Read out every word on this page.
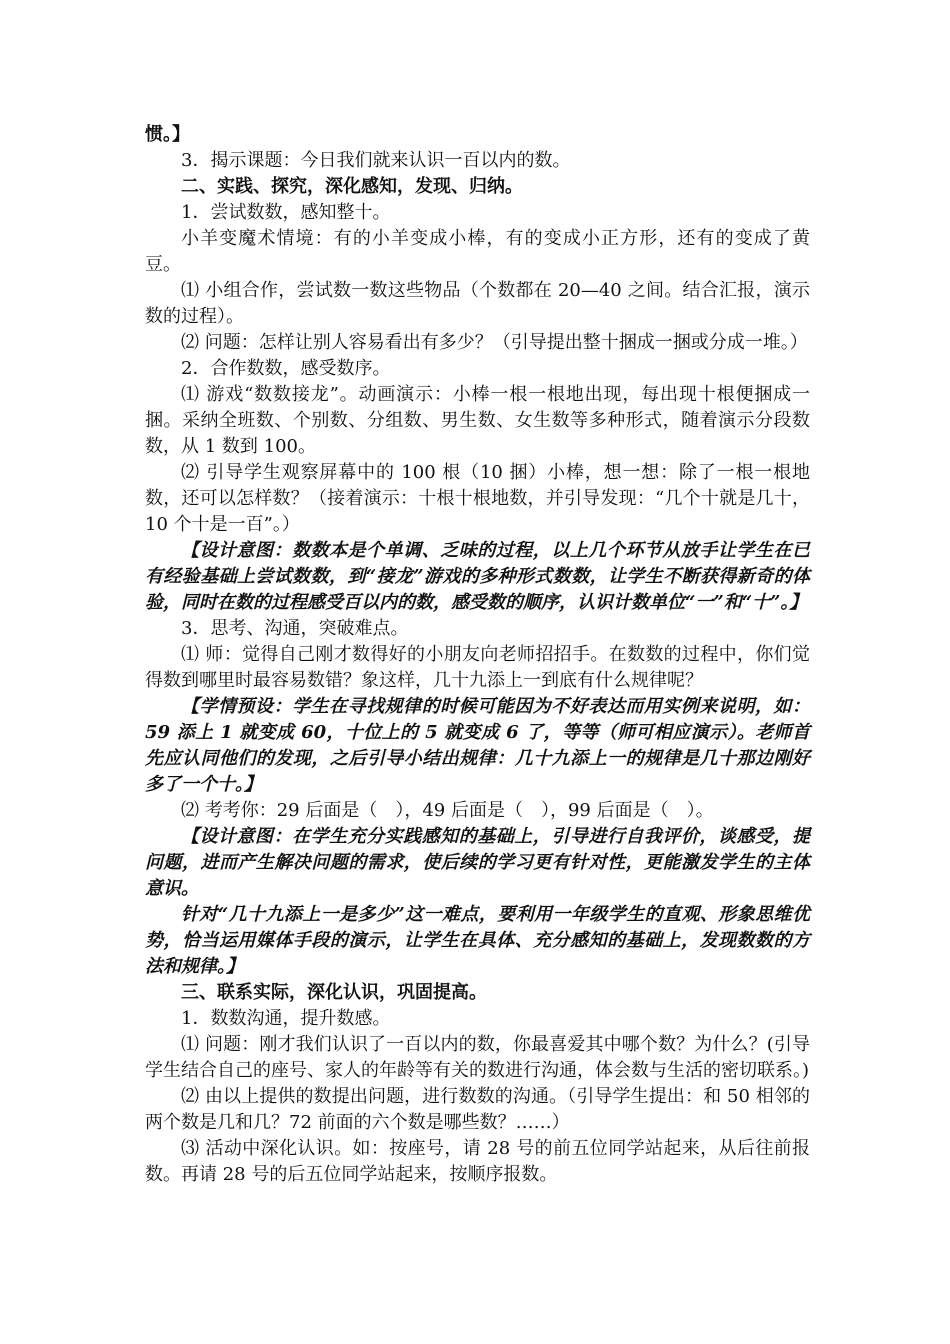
惯。】

3．揭示课题：今日我们就来认识一百以内的数。

二、实践、探究，深化感知，发现、归纳。

1．尝试数数，感知整十。

小羊变魔术情境：有的小羊变成小棒，有的变成小正方形，还有的变成了黄豆。

⑴ 小组合作，尝试数一数这些物品（个数都在 20—40 之间。结合汇报，演示数的过程）。

⑵ 问题：怎样让别人容易看出有多少？（引导提出整十捆成一捆或分成一堆。）

2．合作数数，感受数序。

⑴ 游戏“数数接龙”。动画演示：小棒一根一根地出现，每出现十根便捆成一捆。采纳全班数、个别数、分组数、男生数、女生数等多种形式，随着演示分段数数，从 1 数到 100。

⑵ 引导学生观察屏幕中的 100 根（10 捆）小棒，想一想：除了一根一根地数，还可以怎样数？（接着演示：十根十根地数，并引导发现：“几个十就是几十，10 个十是一百”。）

【设计意图：数数本是个单调、乏味的过程，以上几个环节从放手让学生在已有经验基础上尝试数数，到“接龙”游戏的多种形式数数，让学生不断获得新奇的体验，同时在数的过程感受百以内的数，感受数的顺序，认识计数单位“一”和“十”。】

3．思考、沟通，突破难点。

⑴ 师：觉得自己刚才数得好的小朋友向老师招招手。在数数的过程中，你们觉得数到哪里时最容易数错？象这样，几十九添上一到底有什么规律呢？

【学情预设：学生在寻找规律的时候可能因为不好表达而用实例来说明，如：59 添上 1 就变成 60，十位上的 5 就变成 6 了，等等（师可相应演示）。老师首先应认同他们的发现，之后引导小结出规律：几十九添上一的规律是几十那边刚好多了一个十。】

⑵ 考考你：29 后面是（　），49 后面是（　），99 后面是（　）。

【设计意图：在学生充分实践感知的基础上，引导进行自我评价，谈感受，提问题，进而产生解决问题的需求，使后续的学习更有针对性，更能激发学生的主体意识。

针对“几十九添上一是多少”这一难点，要利用一年级学生的直观、形象思维优势，恰当运用媒体手段的演示，让学生在具体、充分感知的基础上，发现数数的方法和规律。】

三、联系实际，深化认识，巩固提高。

1．数数沟通，提升数感。

⑴ 问题：刚才我们认识了一百以内的数，你最喜爱其中哪个数？为什么？(引导学生结合自己的座号、家人的年龄等有关的数进行沟通，体会数与生活的密切联系。)

⑵ 由以上提供的数提出问题，进行数数的沟通。（引导学生提出：和 50 相邻的两个数是几和几？72 前面的六个数是哪些数？……）

⑶ 活动中深化认识。如：按座号，请 28 号的前五位同学站起来，从后往前报数。再请 28 号的后五位同学站起来，按顺序报数。
